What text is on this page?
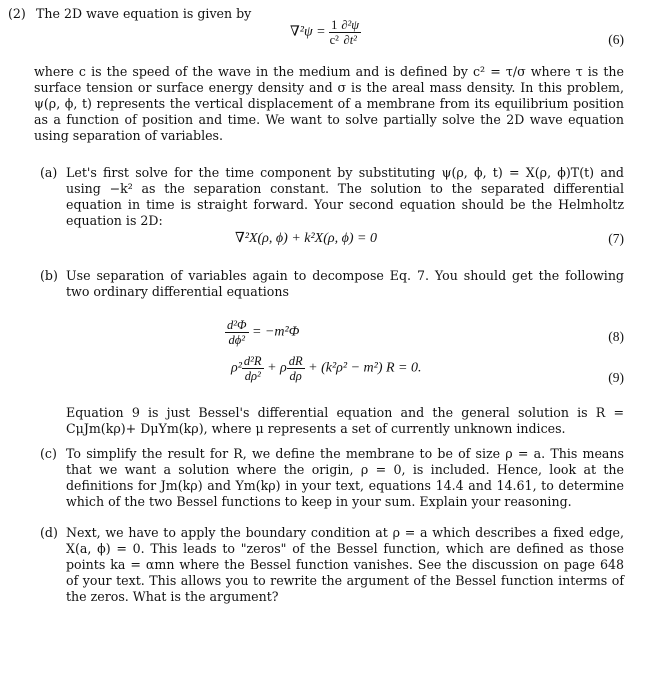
(2) The 2D wave equation is given by
$\nabla^2\psi = \frac{1}{\text{c²}} \frac{\text{∂²ψ}}{\text{∂t²}}$	(6)
where c is the speed of the wave in the medium and is defined by c² = τ/σ where τ is the surface tension or surface energy density and σ is the areal mass density. In this problem, ψ(ρ, ϕ, t) represents the vertical displacement of a membrane from its equilibrium position as a function of position and time. We want to solve partially solve the 2D wave equation using separation of variables.
(a) Let's first solve for the time component by substituting ψ(ρ, ϕ, t) = X(ρ, ϕ)T(t) and using −k² as the separation constant. The solution to the separated differential equation in time is straight forward. Your second equation should be the Helmholtz equation is 2D:
∇²X(ρ, ϕ) + k²X(ρ, ϕ) = 0	(7)
(b) Use separation of variables again to decompose Eq. 7. You should get the following two ordinary differential equations
$\frac{\text{d²Φ}}{\text{dϕ²}} = -m^2\Phi$	(8)
$\rho^2 \frac{\text{d²R}}{\text{dρ²}} + \rho \frac{dR}{d\rho} + (k^2\rho^2 - m^2) R = 0$.
(9)
Equation 9 is just Bessel's differential equation and the general solution is R = CμJm(kρ)+ DμYm(kρ), where μ represents a set of currently unknown indices.
(c) To simplify the result for R, we define the membrane to be of size ρ = a. This means that we want a solution where the origin, ρ = 0, is included. Hence, look at the definitions for Jm(kρ) and Ym(kρ) in your text, equations 14.4 and 14.61, to determine which of the two Bessel functions to keep in your sum. Explain your reasoning.
(d) Next, we have to apply the boundary condition at ρ = a which describes a fixed edge, X(a, ϕ) = 0. This leads to "zeros" of the Bessel function, which are defined as those points ka = αmn where the Bessel function vanishes. See the discussion on page 648 of your text. This allows you to rewrite the argument of the Bessel function interms of the zeros. What is the argument?
